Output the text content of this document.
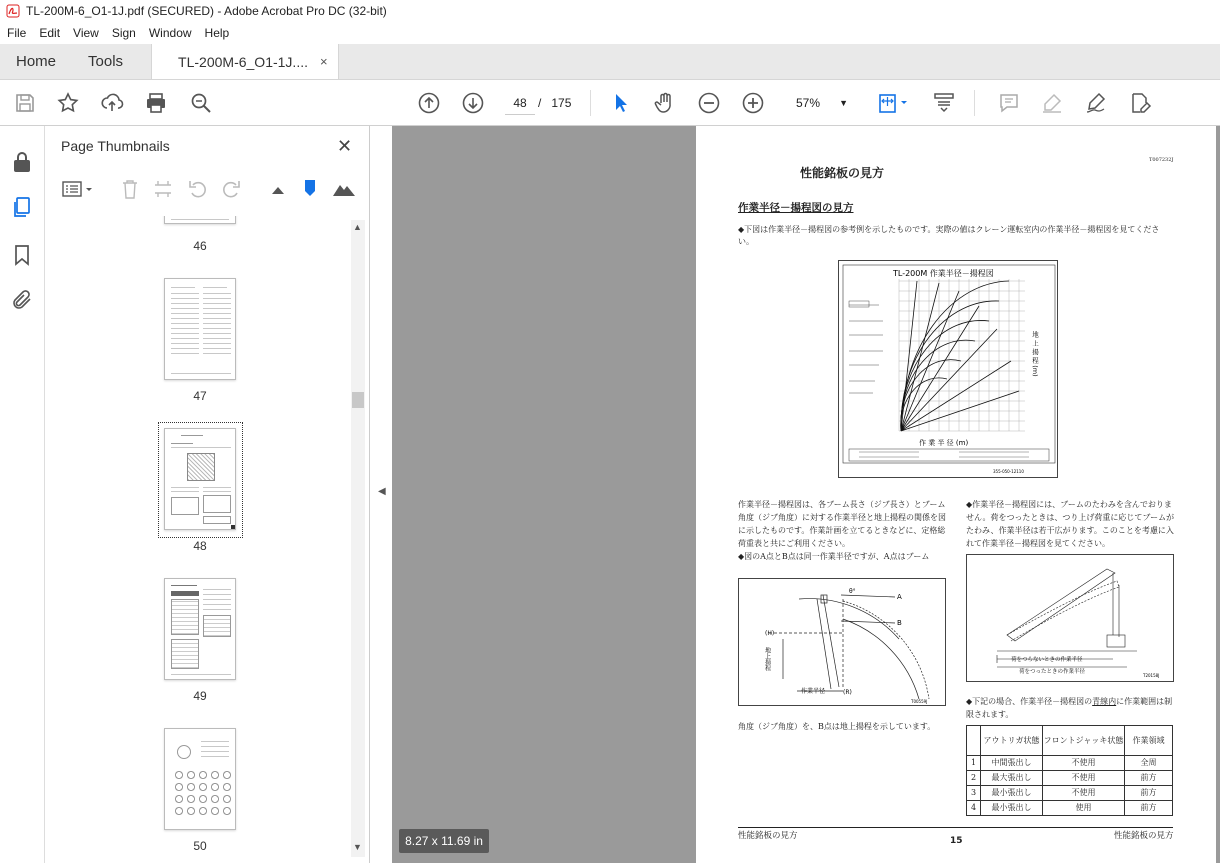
TL-200M-6_O1-1J.pdf (SECURED) - Adobe Acrobat Pro DC (32-bit)
File	Edit	View	Sign	Window	Help
Home	Tools	TL-200M-6_O1-1J.... ×
48 / 175	57% ▼
Page Thumbnails	✕
46
47
48
49
50
▲
▼
◀
8.27 x 11.69 in
T007232J
性能銘板の見方
作業半径－揚程図の見方
◆下図は作業半径－揚程図の参考例を示したものです。実際の値はクレーン運転室内の作業半径－揚程図を見てください。
TL-200M 作業半径－揚程図
作 業 半 径 (m)
地 上 揚 程 (m)
355-050-12110
作業半径－揚程図は、各ブーム長さ（ジブ長さ）とブーム角度（ジブ角度）に対する作業半径と地上揚程の関係を図に示したものです。作業計画を立てるときなどに、定格総荷重表と共にご利用ください。
◆図のA点とB点は同一作業半径ですが、A点はブーム
◆作業半径－揚程図には、ブームのたわみを含んでおりません。荷をつったときは、つり上げ荷重に応じてブームがたわみ、作業半径は若干広がります。このことを考慮に入れて作業半径－揚程図を見てください。
A
B
θ°
(H)
(R)
地上揚程
作業半径
T00559J
角度（ジブ角度）を、B点は地上揚程を示しています。
荷をつらないときの作業半径
荷をつったときの作業半径
T20158J
◆下記の場合、作業半径－揚程図の青線内に作業範囲は制限されます。
	アウトリガ状態	フロントジャッキ状態	作業領域
1	中間張出し	不使用	全周
2	最大張出し	不使用	前方
3	最小張出し	不使用	前方
4	最小張出し	使用	前方
性能銘板の見方	15	性能銘板の見方
